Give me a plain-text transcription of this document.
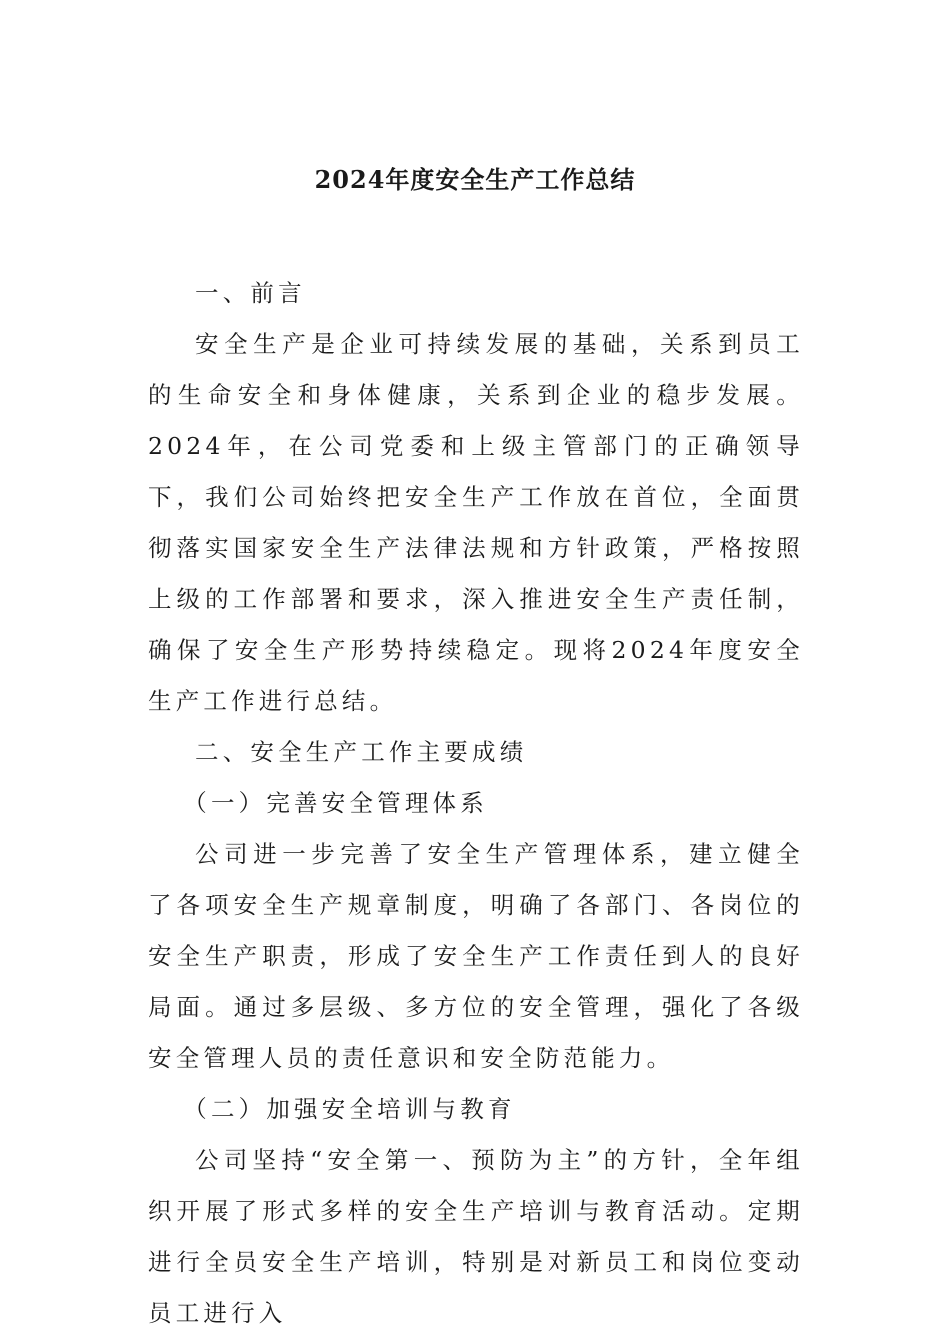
2024年度安全生产工作总结

一、前言

安全生产是企业可持续发展的基础，关系到员工的生命安全和身体健康，关系到企业的稳步发展。2024年，在公司党委和上级主管部门的正确领导下，我们公司始终把安全生产工作放在首位，全面贯彻落实国家安全生产法律法规和方针政策，严格按照上级的工作部署和要求，深入推进安全生产责任制，确保了安全生产形势持续稳定。现将2024年度安全生产工作进行总结。

二、安全生产工作主要成绩

（一）完善安全管理体系

公司进一步完善了安全生产管理体系，建立健全了各项安全生产规章制度，明确了各部门、各岗位的安全生产职责，形成了安全生产工作责任到人的良好局面。通过多层级、多方位的安全管理，强化了各级安全管理人员的责任意识和安全防范能力。

（二）加强安全培训与教育

公司坚持“安全第一、预防为主”的方针，全年组织开展了形式多样的安全生产培训与教育活动。定期进行全员安全生产培训，特别是对新员工和岗位变动员工进行入
